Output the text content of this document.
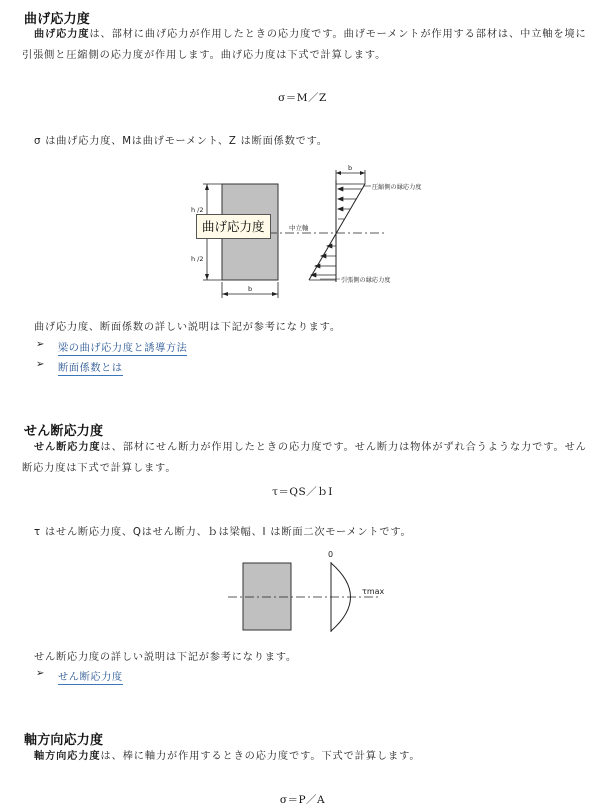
曲げ応力度

曲げ応力度は、部材に曲げ応力が作用したときの応力度です。曲げモーメントが作用する部材は、中立軸を境に引張側と圧縮側の応力度が作用します。曲げ応力度は下式で計算します。

σ＝M／Z
σ は曲げ応力度、Mは曲げモーメント、Z は断面係数です。
h /2
h /2
b
中立軸
b
圧縮側の縁応力度
引張側の縁応力度
曲げ応力度
曲げ応力度、断面係数の詳しい説明は下記が参考になります。
➢ 梁の曲げ応力度と誘導方法
➢ 断面係数とは
せん断応力度

せん断応力度は、部材にせん断力が作用したときの応力度です。せん断力は物体がずれ合うような力です。せん断応力度は下式で計算します。

τ＝QS／ｂI
τ はせん断応力度、Qはせん断力、ｂは梁幅、I は断面二次モーメントです。
0
τmax
せん断応力度の詳しい説明は下記が参考になります。
➢ せん断応力度
軸方向応力度

軸方向応力度は、棒に軸力が作用するときの応力度です。下式で計算します。

σ＝P／A
